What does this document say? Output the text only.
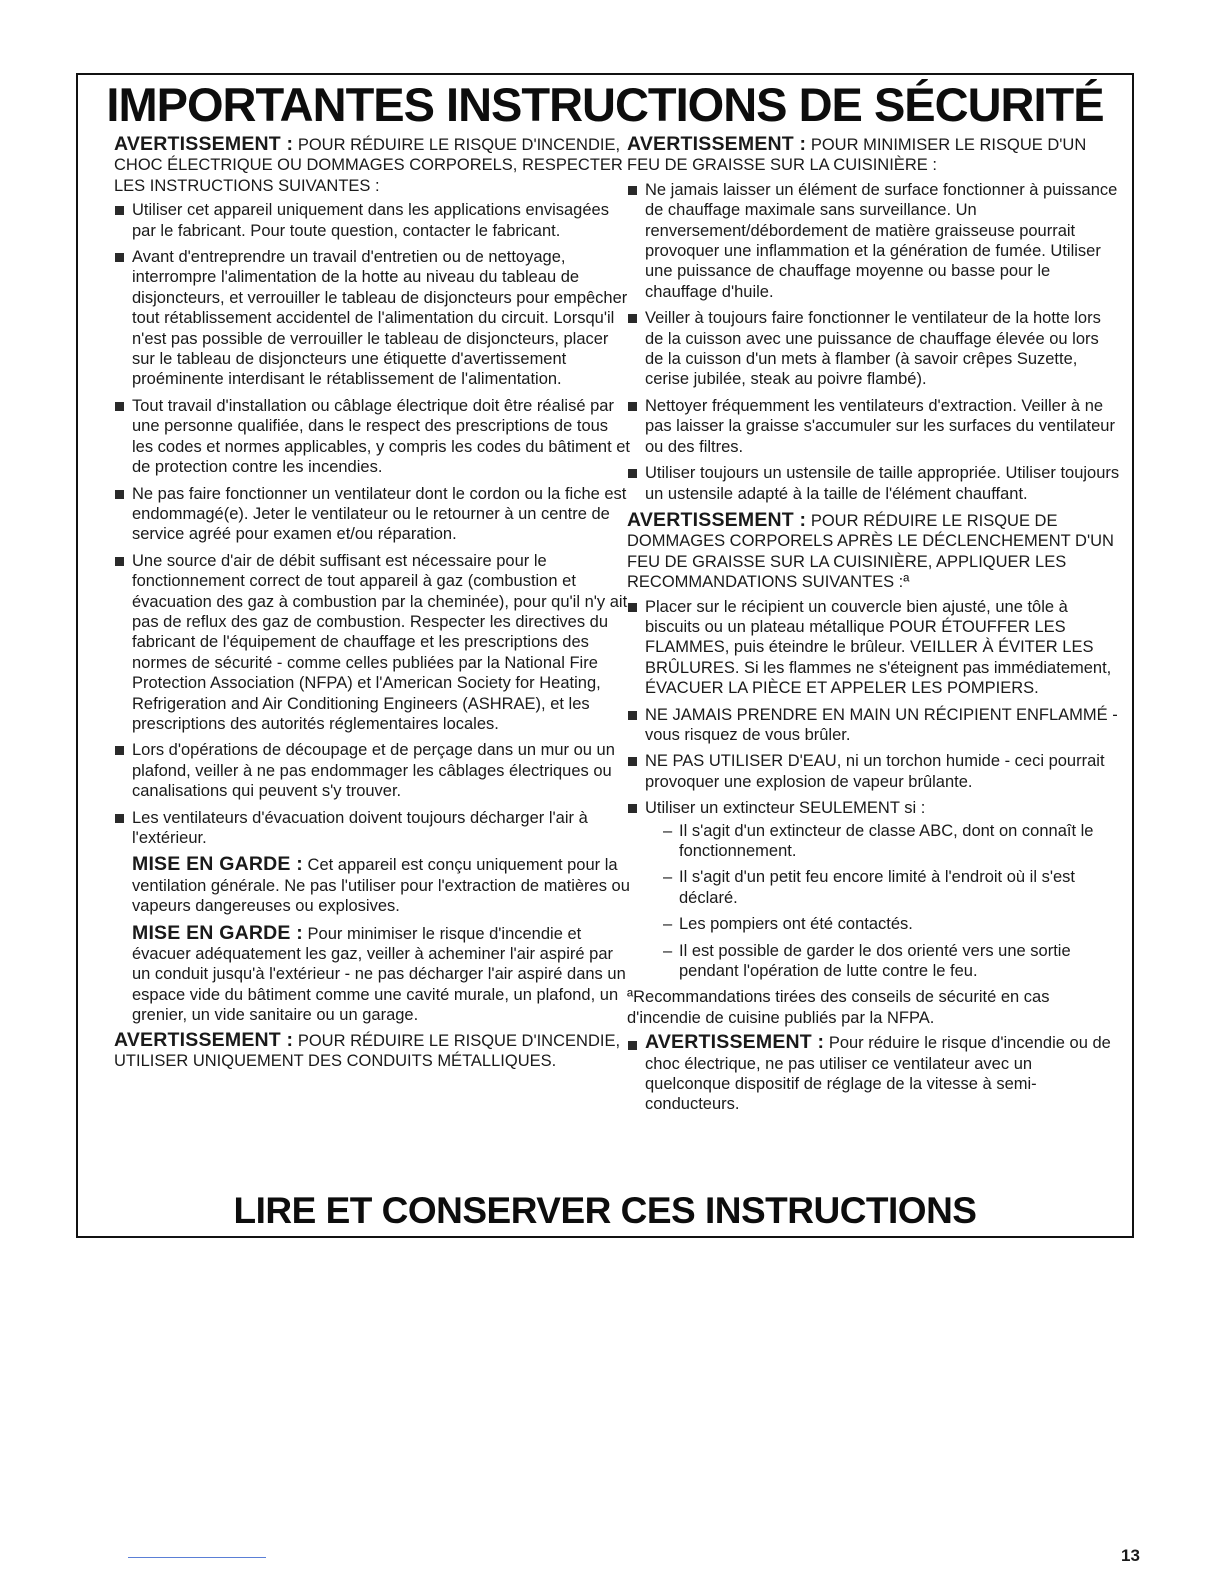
IMPORTANTES INSTRUCTIONS DE SÉCURITÉ

AVERTISSEMENT : POUR RÉDUIRE LE RISQUE D'INCENDIE, CHOC ÉLECTRIQUE OU DOMMAGES CORPORELS, RESPECTER LES INSTRUCTIONS SUIVANTES :

Utiliser cet appareil uniquement dans les applications envisagées par le fabricant. Pour toute question, contacter le fabricant.
Avant d'entreprendre un travail d'entretien ou de nettoyage, interrompre l'alimentation de la hotte au niveau du tableau de disjoncteurs, et verrouiller le tableau de disjoncteurs pour empêcher tout rétablissement accidentel de l'alimentation du circuit. Lorsqu'il n'est pas possible de verrouiller le tableau de disjoncteurs, placer sur le tableau de disjoncteurs une étiquette d'avertissement proéminente interdisant le rétablissement de l'alimentation.
Tout travail d'installation ou câblage électrique doit être réalisé par une personne qualifiée, dans le respect des prescriptions de tous les codes et normes applicables, y compris les codes du bâtiment et de protection contre les incendies.
Ne pas faire fonctionner un ventilateur dont le cordon ou la fiche est endommagé(e). Jeter le ventilateur ou le retourner à un centre de service agréé pour examen et/ou réparation.
Une source d'air de débit suffisant est nécessaire pour le fonctionnement correct de tout appareil à gaz (combustion et évacuation des gaz à combustion par la cheminée), pour qu'il n'y ait pas de reflux des gaz de combustion. Respecter les directives du fabricant de l'équipement de chauffage et les prescriptions des normes de sécurité - comme celles publiées par la National Fire Protection Association (NFPA) et l'American Society for Heating, Refrigeration and Air Conditioning Engineers (ASHRAE), et les prescriptions des autorités réglementaires locales.
Lors d'opérations de découpage et de perçage dans un mur ou un plafond, veiller à ne pas endommager les câblages électriques ou canalisations qui peuvent s'y trouver.
Les ventilateurs d'évacuation doivent toujours décharger l'air à l'extérieur.

MISE EN GARDE : Cet appareil est conçu uniquement pour la ventilation générale. Ne pas l'utiliser pour l'extraction de matières ou vapeurs dangereuses ou explosives.

MISE EN GARDE : Pour minimiser le risque d'incendie et évacuer adéquatement les gaz, veiller à acheminer l'air aspiré par un conduit jusqu'à l'extérieur - ne pas décharger l'air aspiré dans un espace vide du bâtiment comme une cavité murale, un plafond, un grenier, un vide sanitaire ou un garage.

AVERTISSEMENT : POUR RÉDUIRE LE RISQUE D'INCENDIE, UTILISER UNIQUEMENT DES CONDUITS MÉTALLIQUES.

AVERTISSEMENT : POUR MINIMISER LE RISQUE D'UN FEU DE GRAISSE SUR LA CUISINIÈRE :

Ne jamais laisser un élément de surface fonctionner à puissance de chauffage maximale sans surveillance. Un renversement/débordement de matière graisseuse pourrait provoquer une inflammation et la génération de fumée. Utiliser une puissance de chauffage moyenne ou basse pour le chauffage d'huile.
Veiller à toujours faire fonctionner le ventilateur de la hotte lors de la cuisson avec une puissance de chauffage élevée ou lors de la cuisson d'un mets à flamber (à savoir crêpes Suzette, cerise jubilée, steak au poivre flambé).
Nettoyer fréquemment les ventilateurs d'extraction. Veiller à ne pas laisser la graisse s'accumuler sur les surfaces du ventilateur ou des filtres.
Utiliser toujours un ustensile de taille appropriée. Utiliser toujours un ustensile adapté à la taille de l'élément chauffant.

AVERTISSEMENT : POUR RÉDUIRE LE RISQUE DE DOMMAGES CORPORELS APRÈS LE DÉCLENCHEMENT D'UN FEU DE GRAISSE SUR LA CUISINIÈRE, APPLIQUER LES RECOMMANDATIONS SUIVANTES :ª

Placer sur le récipient un couvercle bien ajusté, une tôle à biscuits ou un plateau métallique POUR ÉTOUFFER LES FLAMMES, puis éteindre le brûleur. VEILLER À ÉVITER LES BRÛLURES. Si les flammes ne s'éteignent pas immédiatement, ÉVACUER LA PIÈCE ET APPELER LES POMPIERS.
NE JAMAIS PRENDRE EN MAIN UN RÉCIPIENT ENFLAMMÉ - vous risquez de vous brûler.
NE PAS UTILISER D'EAU, ni un torchon humide - ceci pourrait provoquer une explosion de vapeur brûlante.
Utiliser un extincteur SEULEMENT si :
– Il s'agit d'un extincteur de classe ABC, dont on connaît le fonctionnement.
– Il s'agit d'un petit feu encore limité à l'endroit où il s'est déclaré.
– Les pompiers ont été contactés.
– Il est possible de garder le dos orienté vers une sortie pendant l'opération de lutte contre le feu.

ªRecommandations tirées des conseils de sécurité en cas d'incendie de cuisine publiés par la NFPA.

AVERTISSEMENT : Pour réduire le risque d'incendie ou de choc électrique, ne pas utiliser ce ventilateur avec un quelconque dispositif de réglage de la vitesse à semi-conducteurs.

LIRE ET CONSERVER CES INSTRUCTIONS
13
